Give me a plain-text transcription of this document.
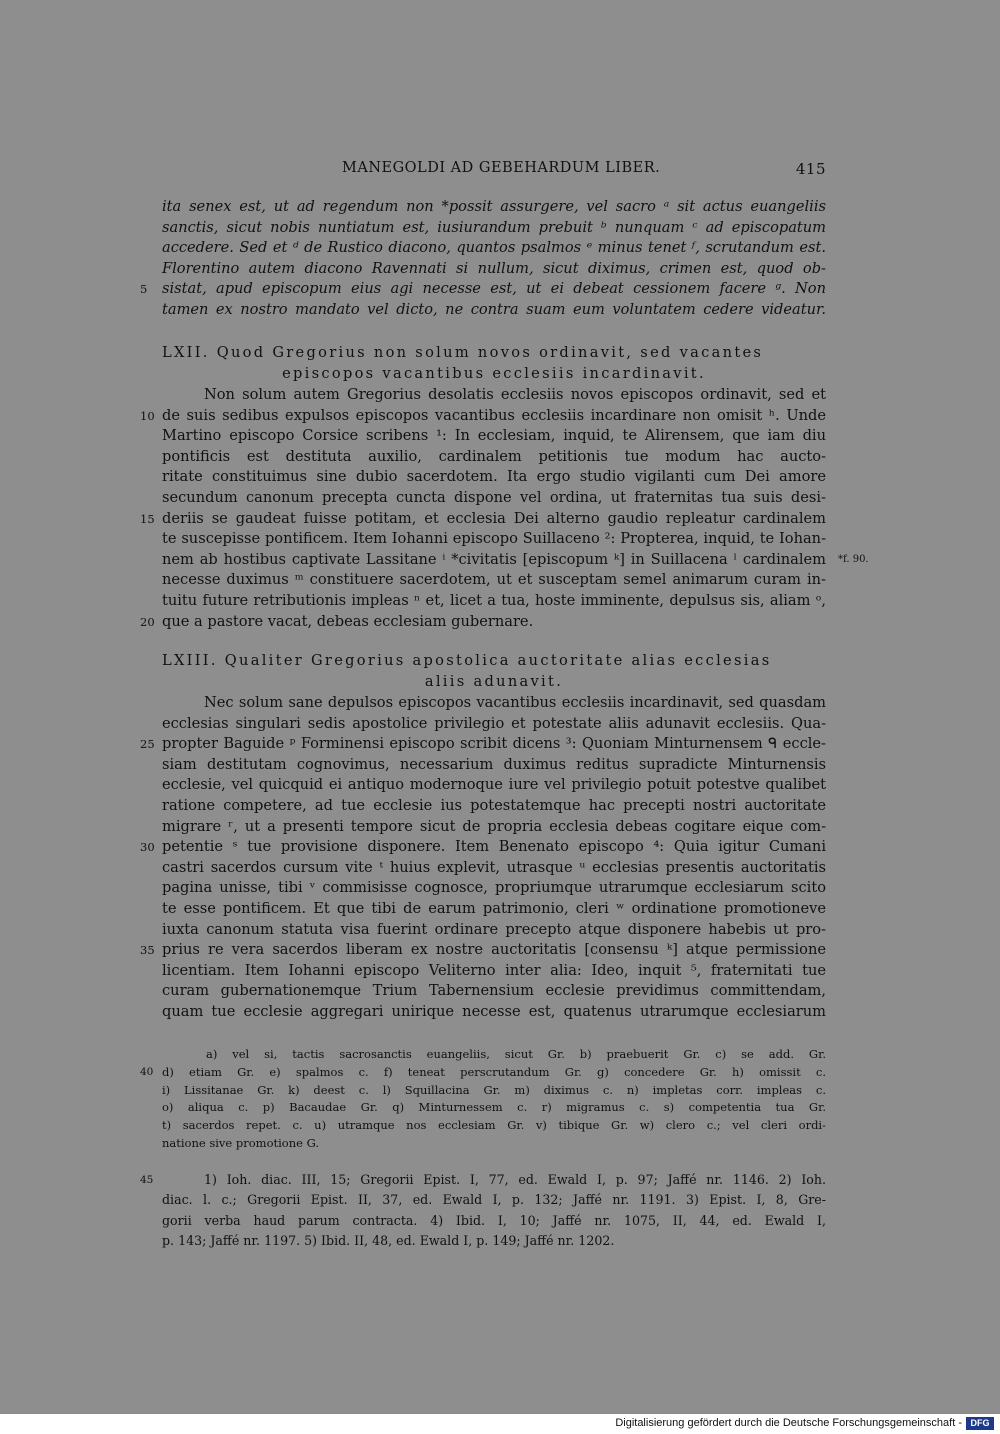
MANEGOLDI AD GEBEHARDUM LIBER.	415
ita senex est, ut ad regendum non *possit assurgere, vel sacro ᵃ sit actus euangeliis
sanctis, sicut nobis nuntiatum est, iusiurandum prebuit ᵇ nunquam ᶜ ad episcopatum
accedere. Sed et ᵈ de Rustico diacono, quantos psalmos ᵉ minus tenet ᶠ, scrutandum est.
Florentino autem diacono Ravennati si nullum, sicut diximus, crimen est, quod ob-
5	sistat, apud episcopum eius agi necesse est, ut ei debeat cessionem facere ᵍ. Non
tamen ex nostro mandato vel dicto, ne contra suam eum voluntatem cedere videatur.
LXII. Quod Gregorius non solum novos ordinavit, sed vacantes
episcopos vacantibus ecclesiis incardinavit.
Non solum autem Gregorius desolatis ecclesiis novos episcopos ordinavit, sed et
10 de suis sedibus expulsos episcopos vacantibus ecclesiis incardinare non omisit ʰ. Unde
Martino episcopo Corsice scribens ¹: In ecclesiam, inquid, te Alirensem, que iam diu
pontificis est destituta auxilio, cardinalem petitionis tue modum hac aucto-
ritate constituimus sine dubio sacerdotem. Ita ergo studio vigilanti cum Dei amore
secundum canonum precepta cuncta dispone vel ordina, ut fraternitas tua suis desi-
15 deriis se gaudeat fuisse potitam, et ecclesia Dei alterno gaudio repleatur cardinalem
te suscepisse pontificem. Item Iohanni episcopo Suillaceno ²: Propterea, inquid, te Iohan-
nem ab hostibus captivate Lassitane ⁱ *civitatis [episcopum ᵏ] in Suillacena ˡ cardinalem *f. 90.
necesse duximus ᵐ constituere sacerdotem, ut et susceptam semel animarum curam in-
tuitu future retributionis impleas ⁿ et, licet a tua, hoste imminente, depulsus sis, aliam ᵒ,
20 que a pastore vacat, debeas ecclesiam gubernare.
LXIII. Qualiter Gregorius apostolica auctoritate alias ecclesias
aliis adunavit.
Nec solum sane depulsos episcopos vacantibus ecclesiis incardinavit, sed quasdam
ecclesias singulari sedis apostolice privilegio et potestate aliis adunavit ecclesiis. Qua-
25 propter Baguide ᵖ Forminensi episcopo scribit dicens ³: Quoniam Minturnensem ᑫ eccle-
siam destitutam cognovimus, necessarium duximus reditus supradicte Minturnensis
ecclesie, vel quicquid ei antiquo modernoque iure vel privilegio potuit potestve qualibet
ratione competere, ad tue ecclesie ius potestatemque hac precepti nostri auctoritate
migrare ʳ, ut a presenti tempore sicut de propria ecclesia debeas cogitare eique com-
30 petentie ˢ tue provisione disponere. Item Benenato episcopo ⁴: Quia igitur Cumani
castri sacerdos cursum vite ᵗ huius explevit, utrasque ᵘ ecclesias presentis auctoritatis
pagina unisse, tibi ᵛ commisisse cognosce, propriumque utrarumque ecclesiarum scito
te esse pontificem. Et que tibi de earum patrimonio, cleri ʷ ordinatione promotioneve
iuxta canonum statuta visa fuerint ordinare precepto atque disponere habebis ut pro-
35 prius re vera sacerdos liberam ex nostre auctoritatis [consensu ᵏ] atque permissione
licentiam. Item Iohanni episcopo Veliterno inter alia: Ideo, inquit ⁵, fraternitati tue
curam gubernationemque Trium Tabernensium ecclesie previdimus committendam,
quam tue ecclesie aggregari unirique necesse est, quatenus utrarumque ecclesiarum
a) vel si, tactis sacrosanctis euangeliis, sicut Gr. b) praebuerit Gr. c) se add. Gr.
40 d) etiam Gr. e) spalmos c. f) teneat perscrutandum Gr. g) concedere Gr. h) omissit c.
i) Lissitanae Gr. k) deest c. l) Squillacina Gr. m) diximus c. n) impletas corr. impleas c.
o) aliqua c. p) Bacaudae Gr. q) Minturnessem c. r) migramus c. s) competentia tua Gr.
t) sacerdos repet. c. u) utramque nos ecclesiam Gr. v) tibique Gr. w) clero c.; vel cleri ordi-
natione sive promotione G.
45	1) Ioh. diac. III, 15; Gregorii Epist. I, 77, ed. Ewald I, p. 97; Jaffé nr. 1146. 2) Ioh.
diac. l. c.; Gregorii Epist. II, 37, ed. Ewald I, p. 132; Jaffé nr. 1191. 3) Epist. I, 8, Gre-
gorii verba haud parum contracta. 4) Ibid. I, 10; Jaffé nr. 1075, II, 44, ed. Ewald I,
p. 143; Jaffé nr. 1197. 5) Ibid. II, 48, ed. Ewald I, p. 149; Jaffé nr. 1202.
Digitalisierung gefördert durch die Deutsche Forschungsgemeinschaft - DFG
